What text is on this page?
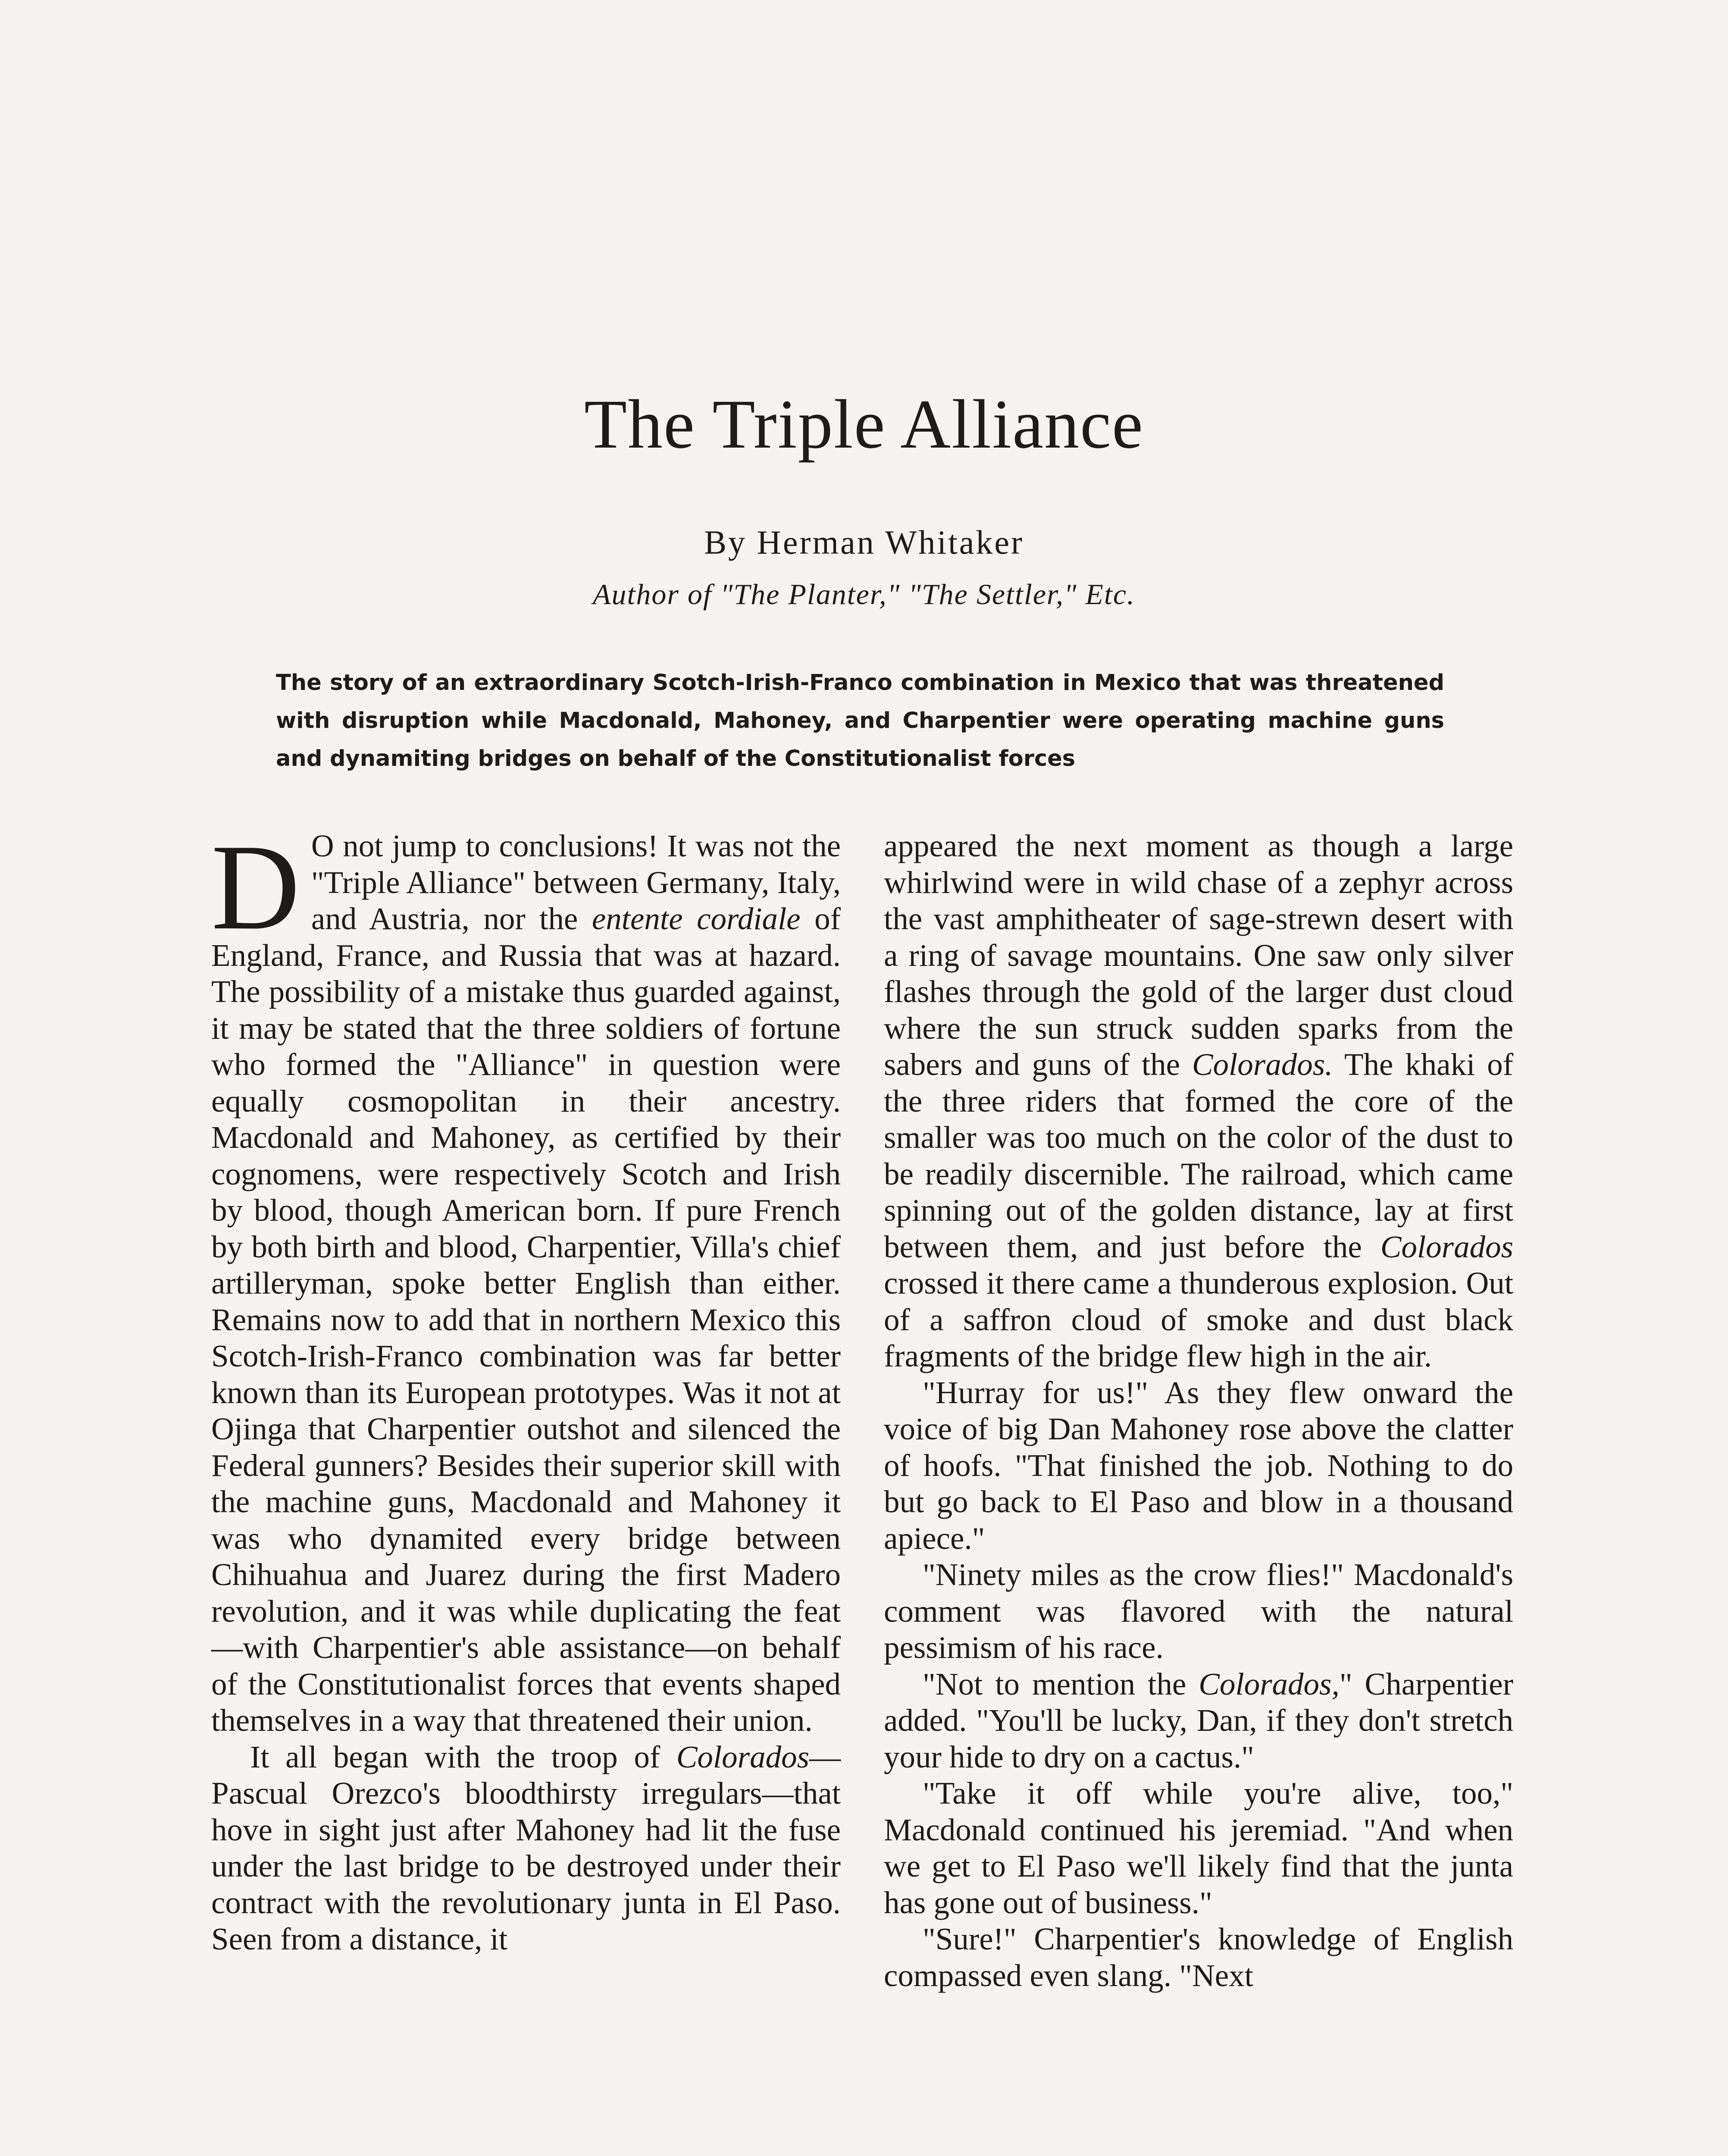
The Triple Alliance
By Herman Whitaker
Author of "The Planter," "The Settler," Etc.
The story of an extraordinary Scotch-Irish-Franco combination in Mexico that was threatened with disruption while Macdonald, Mahoney, and Charpentier were operating machine guns and dynamiting bridges on behalf of the Constitutionalist forces

D O not jump to conclusions! It was not the "Triple Alliance" between Germany, Italy, and Austria, nor the entente cordiale of England, France, and Russia that was at hazard. The possibility of a mistake thus guarded against, it may be stated that the three soldiers of fortune who formed the "Alliance" in question were equally cosmopolitan in their ancestry. Macdonald and Mahoney, as certified by their cognomens, were respectively Scotch and Irish by blood, though American born. If pure French by both birth and blood, Charpentier, Villa's chief artilleryman, spoke better English than either. Remains now to add that in northern Mexico this Scotch-Irish-Franco combination was far better known than its European prototypes. Was it not at Ojinga that Charpentier outshot and silenced the Federal gunners? Besides their superior skill with the machine guns, Macdonald and Mahoney it was who dynamited every bridge between Chihuahua and Juarez during the first Madero revolution, and it was while duplicating the feat—with Charpentier's able assistance—on behalf of the Constitutionalist forces that events shaped themselves in a way that threatened their union.

It all began with the troop of Colorados—Pascual Orezco's bloodthirsty irregulars—that hove in sight just after Mahoney had lit the fuse under the last bridge to be destroyed under their contract with the revolutionary junta in El Paso. Seen from a distance, it

appeared the next moment as though a large whirlwind were in wild chase of a zephyr across the vast amphitheater of sage-strewn desert with a ring of savage mountains. One saw only silver flashes through the gold of the larger dust cloud where the sun struck sudden sparks from the sabers and guns of the Colorados. The khaki of the three riders that formed the core of the smaller was too much on the color of the dust to be readily discernible. The railroad, which came spinning out of the golden distance, lay at first between them, and just before the Colorados crossed it there came a thunderous explosion. Out of a saffron cloud of smoke and dust black fragments of the bridge flew high in the air.

"Hurray for us!" As they flew onward the voice of big Dan Mahoney rose above the clatter of hoofs. "That finished the job. Nothing to do but go back to El Paso and blow in a thousand apiece."

"Ninety miles as the crow flies!" Macdonald's comment was flavored with the natural pessimism of his race.

"Not to mention the Colorados," Charpentier added. "You'll be lucky, Dan, if they don't stretch your hide to dry on a cactus."

"Take it off while you're alive, too," Macdonald continued his jeremiad. "And when we get to El Paso we'll likely find that the junta has gone out of business."

"Sure!" Charpentier's knowledge of English compassed even slang. "Next
